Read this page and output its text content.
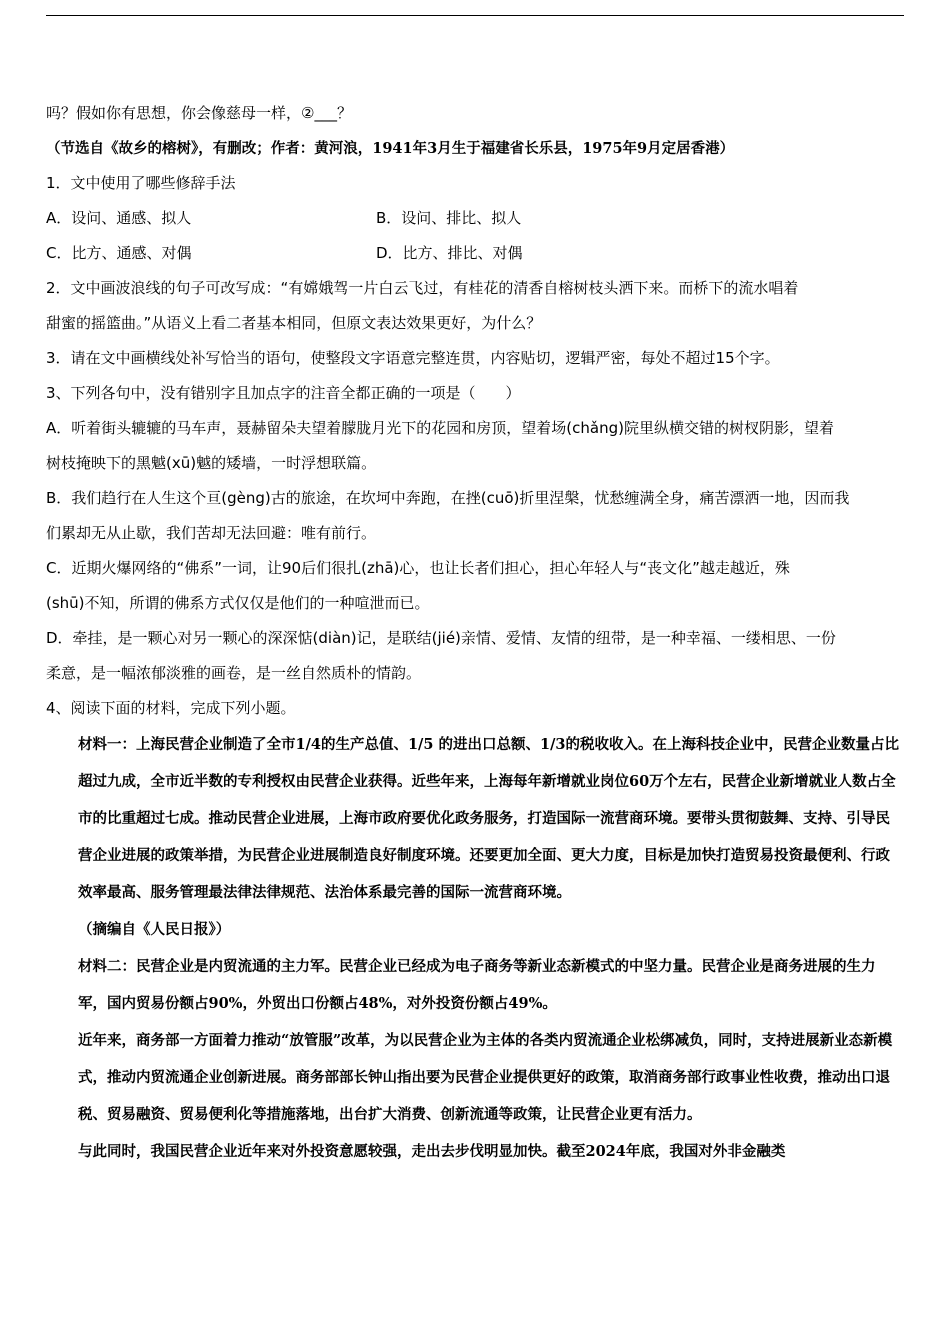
吗？假如你有思想，你会像慈母一样，②___？

（节选自《故乡的榕树》，有删改；作者：黄河浪，1941年3月生于福建省长乐县，1975年9月定居香港）

1．文中使用了哪些修辞手法

A．设问、通感、拟人	B．设问、排比、拟人

C．比方、通感、对偶	D．比方、排比、对偶

2．文中画波浪线的句子可改写成：“有嫦娥驾一片白云飞过，有桂花的清香自榕树枝头洒下来。而桥下的流水唱着

甜蜜的摇篮曲。”从语义上看二者基本相同，但原文表达效果更好，为什么？

3．请在文中画横线处补写恰当的语句，使整段文字语意完整连贯，内容贴切，逻辑严密，每处不超过15个字。

3、下列各句中，没有错别字且加点字的注音全都正确的一项是（　　）

A．听着街头辘辘的马车声，聂赫留朵夫望着朦胧月光下的花园和房顶，望着场(chǎng)院里纵横交错的树杈阴影，望着

树枝掩映下的黑魆(xū)魆的矮墙，一时浮想联篇。

B．我们趋行在人生这个亘(gèng)古的旅途，在坎坷中奔跑，在挫(cuō)折里涅槃，忧愁缠满全身，痛苦漂洒一地，因而我

们累却无从止歇，我们苦却无法回避：唯有前行。

C．近期火爆网络的“佛系”一词，让90后们很扎(zhā)心，也让长者们担心，担心年轻人与“丧文化”越走越近，殊

(shū)不知，所谓的佛系方式仅仅是他们的一种喧泄而已。

D．牵挂，是一颗心对另一颗心的深深惦(diàn)记，是联结(jié)亲情、爱情、友情的纽带，是一种幸福、一缕相思、一份

柔意，是一幅浓郁淡雅的画卷，是一丝自然质朴的情韵。

4、阅读下面的材料，完成下列小题。

材料一：上海民营企业制造了全市1/4的生产总值、1/5 的进出口总额、1/3的税收收入。在上海科技企业中，民营企业数量占比超过九成，全市近半数的专利授权由民营企业获得。近些年来，上海每年新增就业岗位60万个左右，民营企业新增就业人数占全市的比重超过七成。推动民营企业进展，上海市政府要优化政务服务，打造国际一流营商环境。要带头贯彻鼓舞、支持、引导民营企业进展的政策举措，为民营企业进展制造良好制度环境。还要更加全面、更大力度，目标是加快打造贸易投资最便利、行政效率最高、服务管理最法律法律规范、法治体系最完善的国际一流营商环境。

（摘编自《人民日报》）

材料二：民营企业是内贸流通的主力军。民营企业已经成为电子商务等新业态新模式的中坚力量。民营企业是商务进展的生力军，国内贸易份额占90%，外贸出口份额占48%，对外投资份额占49%。

近年来，商务部一方面着力推动“放管服”改革，为以民营企业为主体的各类内贸流通企业松绑减负，同时，支持进展新业态新模式，推动内贸流通企业创新进展。商务部部长钟山指出要为民营企业提供更好的政策，取消商务部行政事业性收费，推动出口退税、贸易融资、贸易便利化等措施落地，出台扩大消费、创新流通等政策，让民营企业更有活力。

与此同时，我国民营企业近年来对外投资意愿较强，走出去步伐明显加快。截至2024年底，我国对外非金融类
